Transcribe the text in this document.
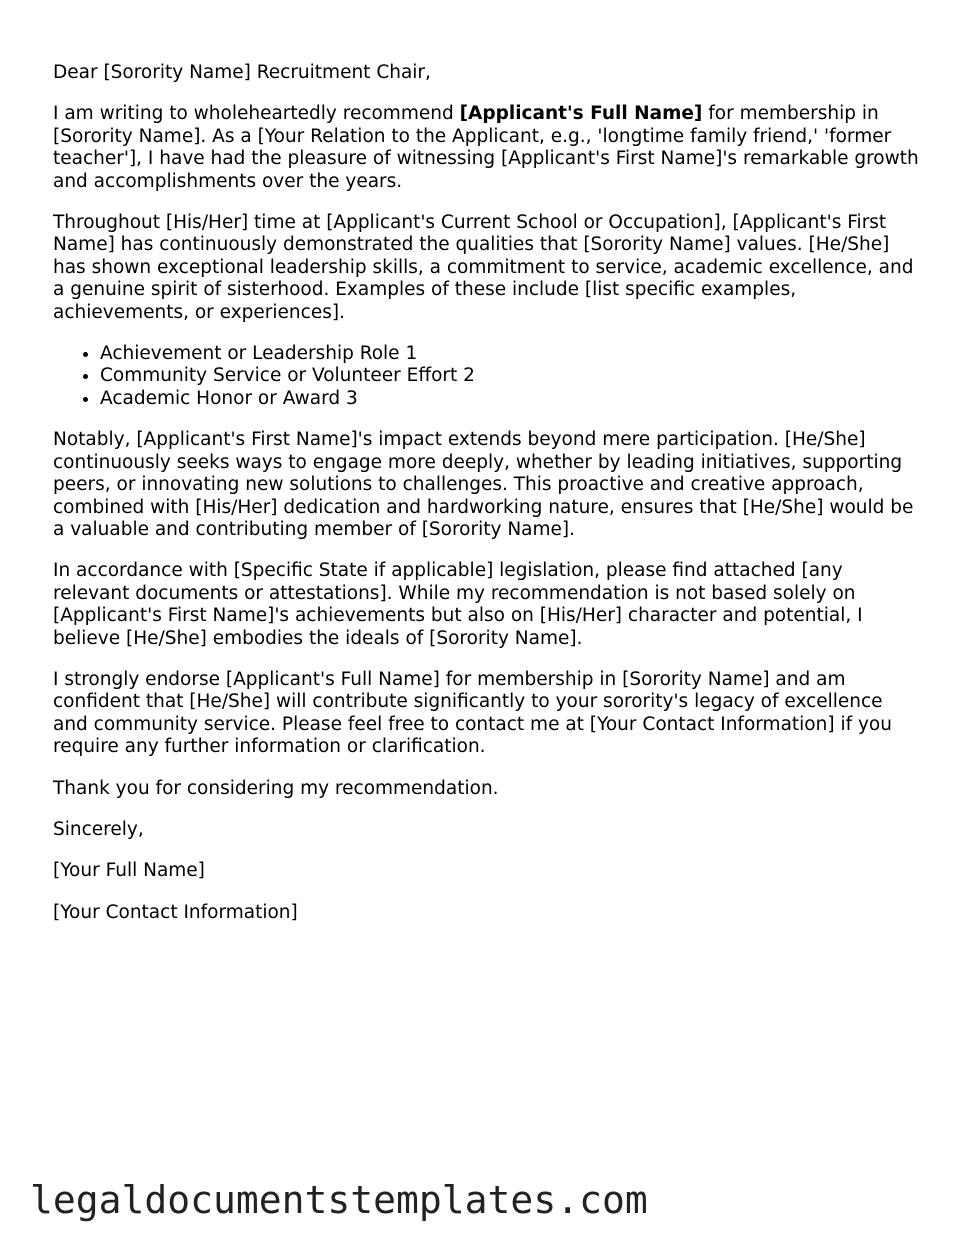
Dear [Sorority Name] Recruitment Chair,

I am writing to wholeheartedly recommend [Applicant's Full Name] for membership in [Sorority Name]. As a [Your Relation to the Applicant, e.g., 'longtime family friend,' 'former teacher'], I have had the pleasure of witnessing [Applicant's First Name]'s remarkable growth and accomplishments over the years.

Throughout [His/Her] time at [Applicant's Current School or Occupation], [Applicant's First Name] has continuously demonstrated the qualities that [Sorority Name] values. [He/She] has shown exceptional leadership skills, a commitment to service, academic excellence, and a genuine spirit of sisterhood. Examples of these include [list specific examples, achievements, or experiences].

• Achievement or Leadership Role 1
• Community Service or Volunteer Effort 2
• Academic Honor or Award 3

Notably, [Applicant's First Name]'s impact extends beyond mere participation. [He/She] continuously seeks ways to engage more deeply, whether by leading initiatives, supporting peers, or innovating new solutions to challenges. This proactive and creative approach, combined with [His/Her] dedication and hardworking nature, ensures that [He/She] would be a valuable and contributing member of [Sorority Name].

In accordance with [Specific State if applicable] legislation, please find attached [any relevant documents or attestations]. While my recommendation is not based solely on [Applicant's First Name]'s achievements but also on [His/Her] character and potential, I believe [He/She] embodies the ideals of [Sorority Name].

I strongly endorse [Applicant's Full Name] for membership in [Sorority Name] and am confident that [He/She] will contribute significantly to your sorority's legacy of excellence and community service. Please feel free to contact me at [Your Contact Information] if you require any further information or clarification.

Thank you for considering my recommendation.

Sincerely,

[Your Full Name]

[Your Contact Information]

legaldocumentstemplates.com
